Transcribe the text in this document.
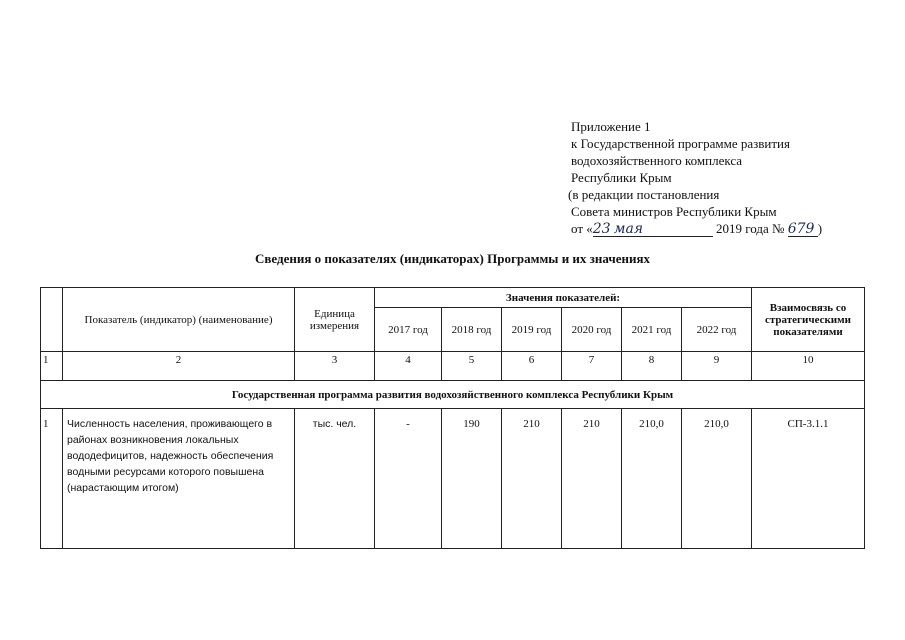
Приложение 1
к Государственной программе развития
водохозяйственного комплекса
Республики Крым
(в редакции постановления
Совета министров Республики Крым
от «23 мая	2019 года № 679 )
Сведения о показателях (индикаторах) Программы и их значениях
	Показатель (индикатор) (наименование)	Единица измерения	Значения показателей:						Взаимосвязь со стратегическими показателями
			2017 год	2018 год	2019 год	2020 год	2021 год	2022 год	
1	2	3	4	5	6	7	8	9	10
Государственная программа развития водохозяйственного комплекса Республики Крым									
1	Численность населения, проживающего в районах возникновения локальных вододефицитов, надежность обеспечения водными ресурсами которого повышена (нарастающим итогом)	тыс. чел.	-	190	210	210	210,0	210,0	СП-3.1.1
